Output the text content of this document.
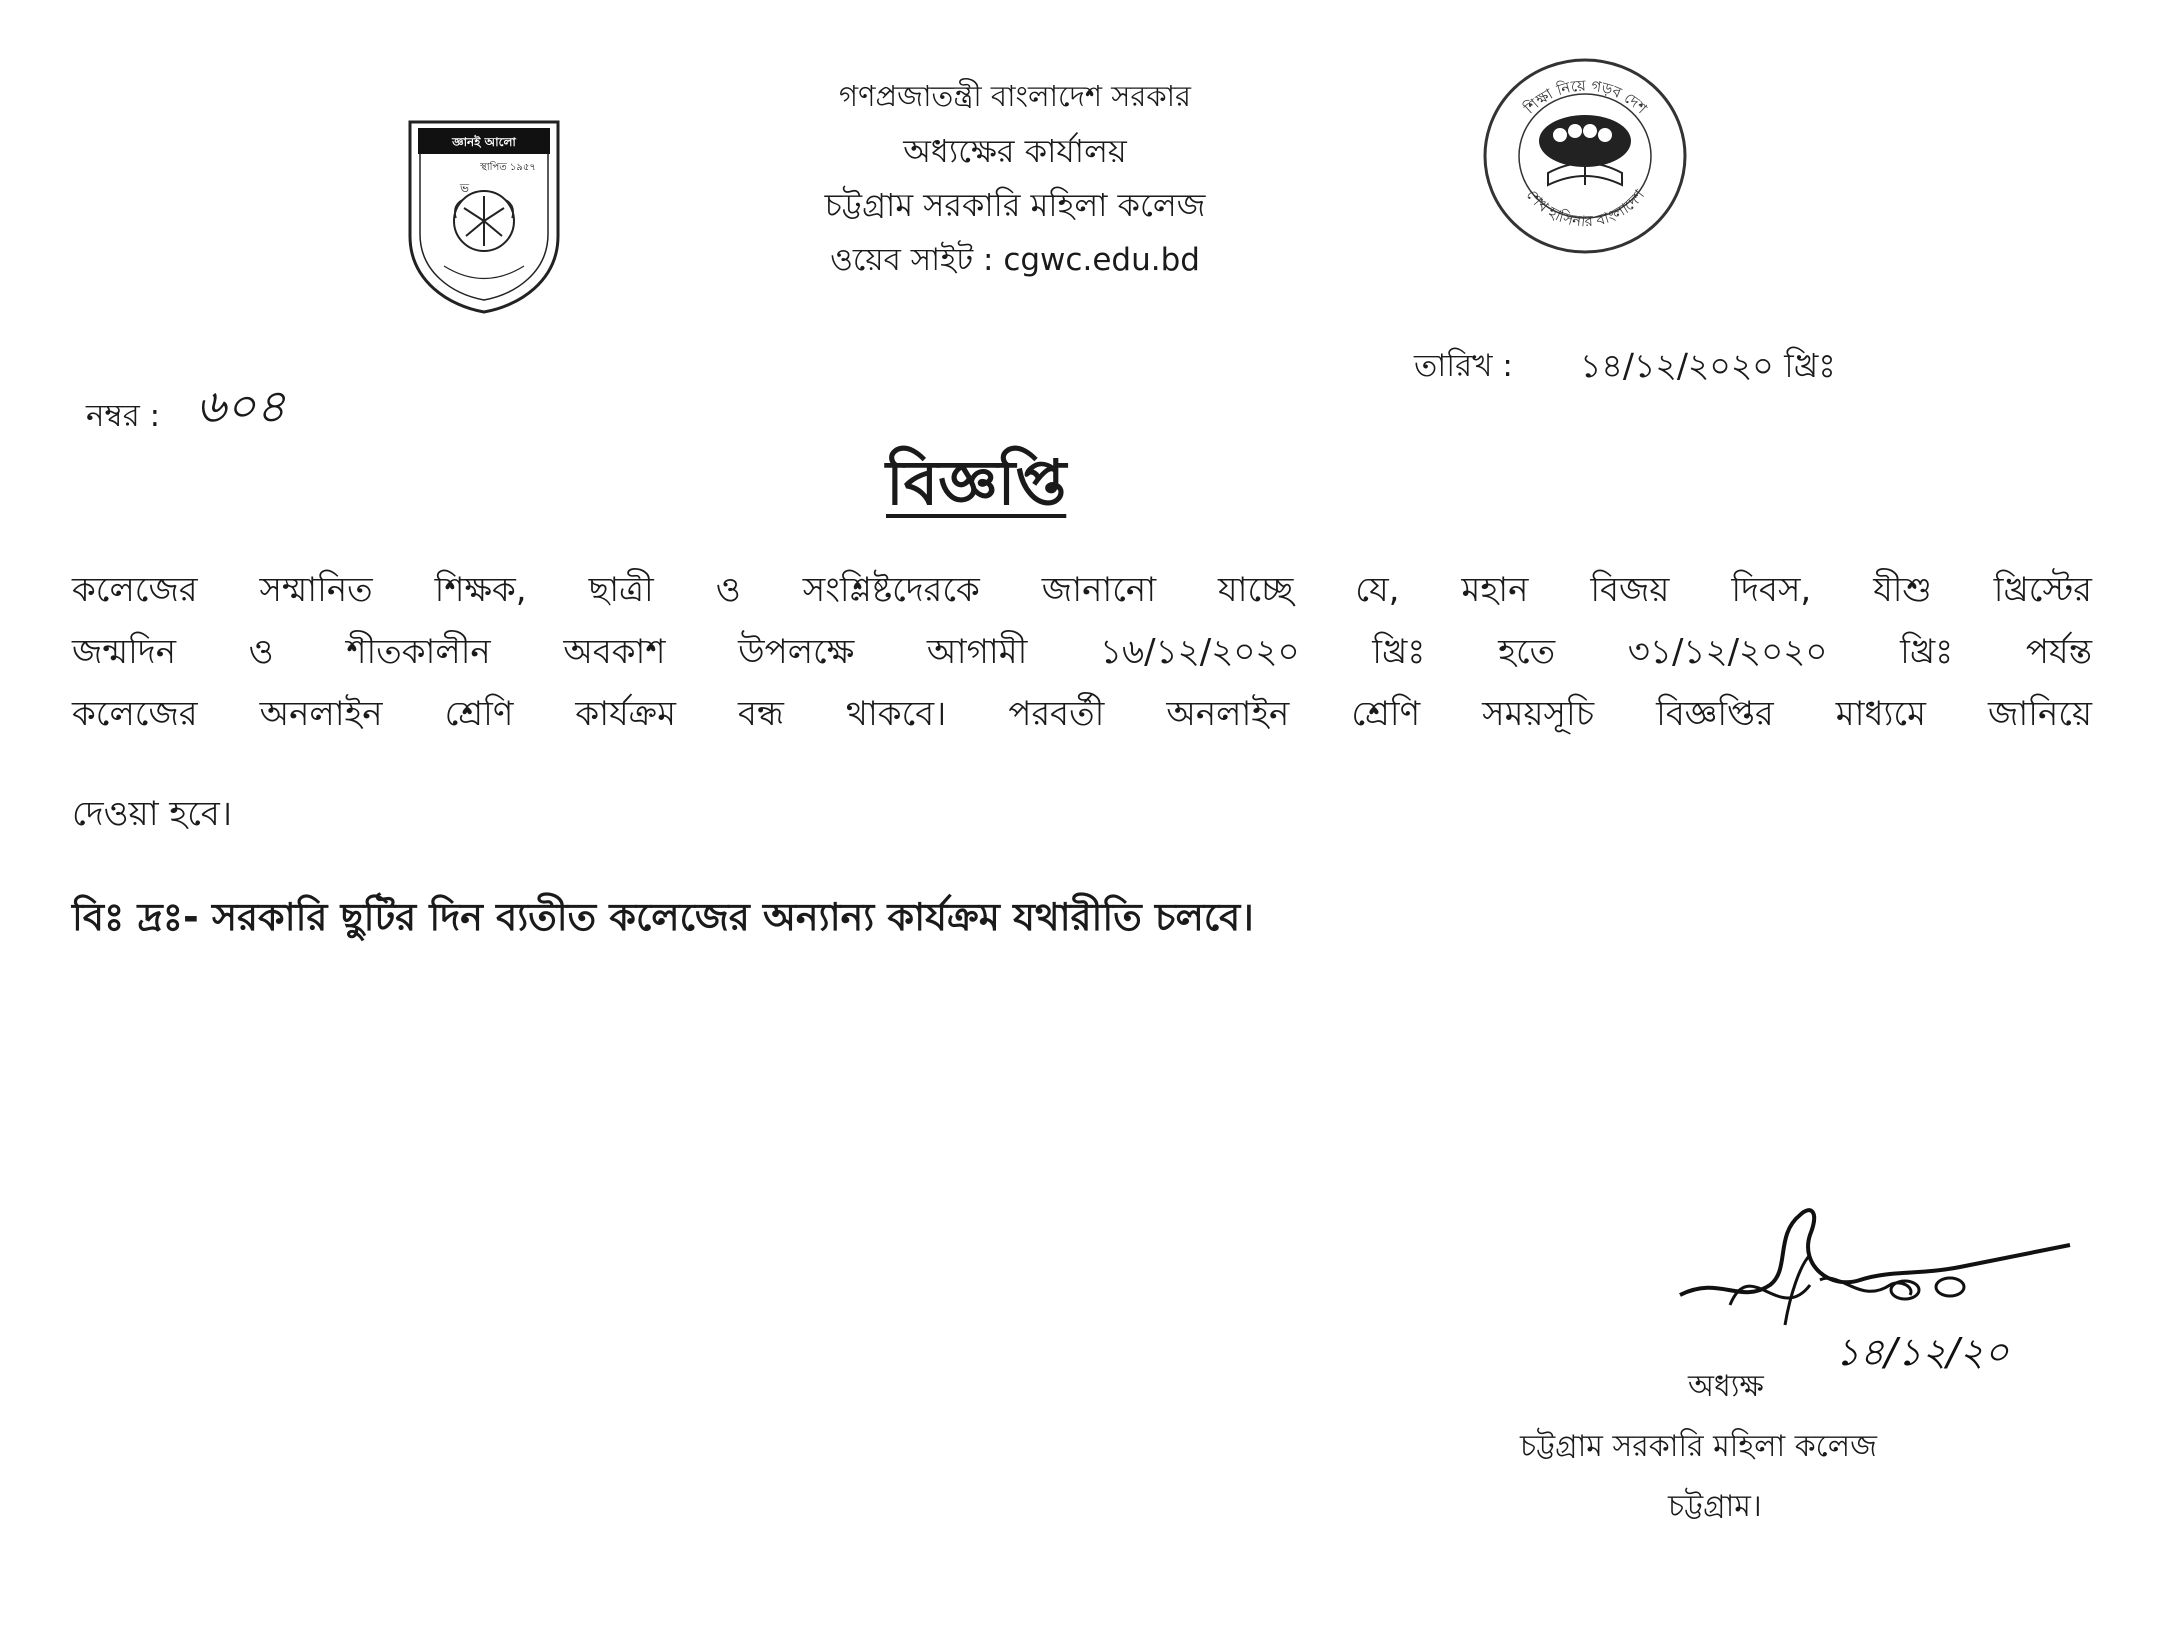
গণপ্রজাতন্ত্রী বাংলাদেশ সরকার
অধ্যক্ষের কার্যালয়
চট্টগ্রাম সরকারি মহিলা কলেজ
ওয়েব সাইট : cgwc.edu.bd
জ্ঞানই আলো
স্থাপিত ১৯৫৭
ভ
শিক্ষা নিয়ে গড়ব দেশ
শেখ হাসিনার বাংলাদেশ
নম্বর : ৬০৪
তারিখ : ১৪/১২/২০২০ খ্রিঃ
বিজ্ঞপ্তি
কলেজের সম্মানিত শিক্ষক, ছাত্রী ও সংশ্লিষ্টদেরকে জানানো যাচ্ছে যে, মহান বিজয় দিবস, যীশু খ্রিস্টের
জন্মদিন ও শীতকালীন অবকাশ উপলক্ষে আগামী ১৬/১২/২০২০ খ্রিঃ হতে ৩১/১২/২০২০ খ্রিঃ পর্যন্ত
কলেজের অনলাইন শ্রেণি কার্যক্রম বন্ধ থাকবে। পরবর্তী অনলাইন শ্রেণি সময়সূচি বিজ্ঞপ্তির মাধ্যমে জানিয়ে
দেওয়া হবে।
বিঃ দ্রঃ- সরকারি ছুটির দিন ব্যতীত কলেজের অন্যান্য কার্যক্রম যথারীতি চলবে।
১৪/১২/২০
অধ্যক্ষ
চট্টগ্রাম সরকারি মহিলা কলেজ
চট্টগ্রাম।
